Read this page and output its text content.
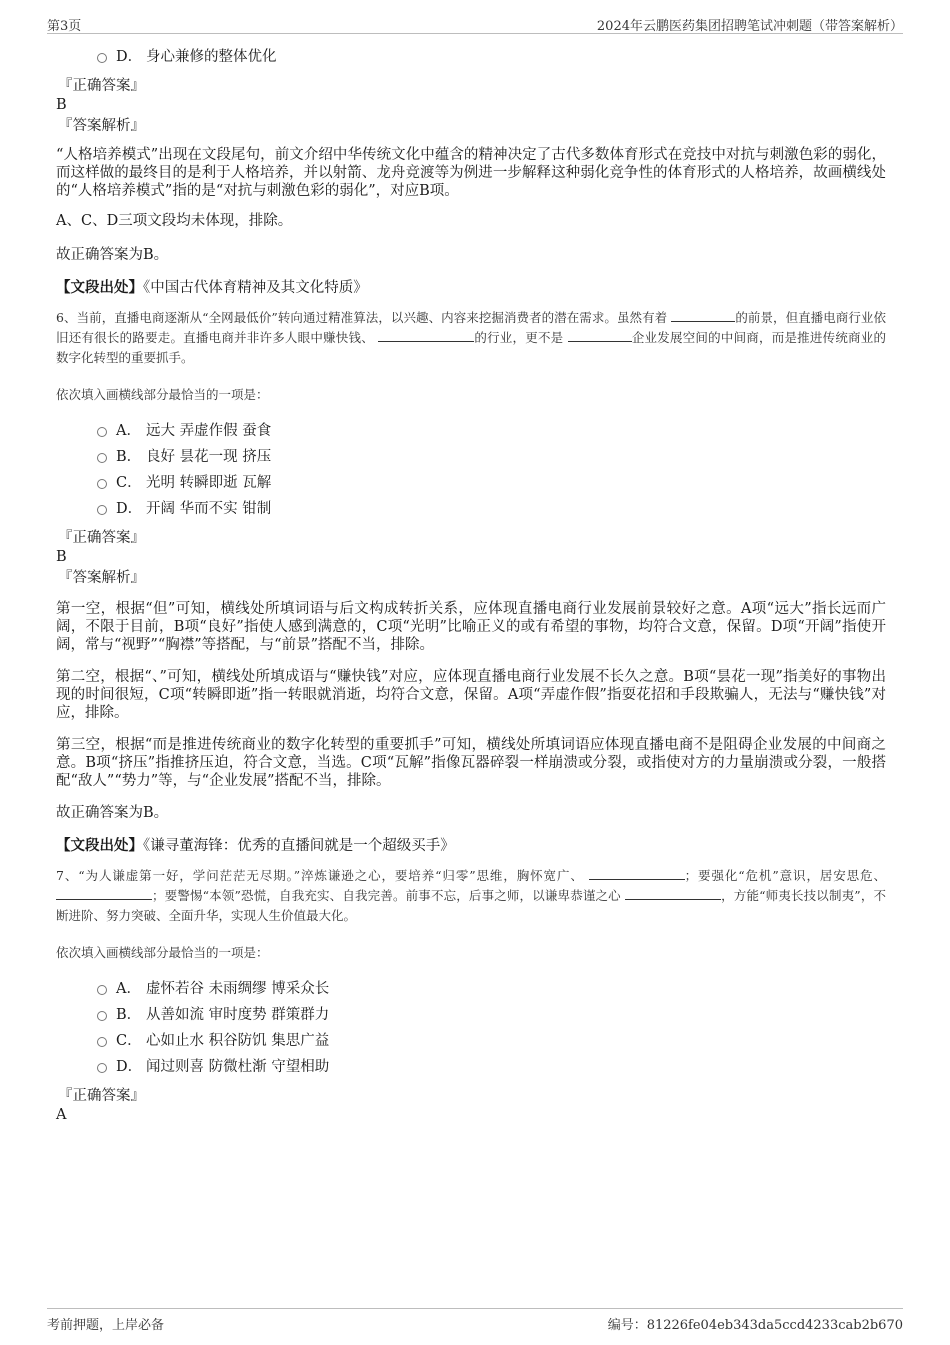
第3页	2024年云鹏医药集团招聘笔试冲刺题（带答案解析）
D． 身心兼修的整体优化
『正确答案』
B
『答案解析』

“人格培养模式”出现在文段尾句，前文介绍中华传统文化中蕴含的精神决定了古代多数体育形式在竞技中对抗与刺激色彩的弱化，而这样做的最终目的是利于人格培养，并以射箭、龙舟竞渡等为例进一步解释这种弱化竞争性的体育形式的人格培养，故画横线处的“人格培养模式”指的是“对抗与刺激色彩的弱化”，对应B项。

A、C、D三项文段均未体现，排除。

故正确答案为B。

【文段出处】《中国古代体育精神及其文化特质》

6、当前，直播电商逐渐从“全网最低价”转向通过精准算法，以兴趣、内容来挖掘消费者的潜在需求。虽然有着	的前景，但直播电商行业依旧还有很长的路要走。直播电商并非许多人眼中赚快钱、	的行业，更不是	企业发展空间的中间商，而是推进传统商业的数字化转型的重要抓手。

依次填入画横线部分最恰当的一项是：

A． 远大 弄虚作假 蚕食
B． 良好 昙花一现 挤压
C． 光明 转瞬即逝 瓦解
D． 开阔 华而不实 钳制
『正确答案』
B
『答案解析』

第一空，根据“但”可知，横线处所填词语与后文构成转折关系，应体现直播电商行业发展前景较好之意。A项“远大”指长远而广阔，不限于目前，B项“良好”指使人感到满意的，C项“光明”比喻正义的或有希望的事物，均符合文意，保留。D项“开阔”指使开阔，常与“视野”“胸襟”等搭配，与“前景”搭配不当，排除。

第二空，根据“、”可知，横线处所填成语与“赚快钱”对应，应体现直播电商行业发展不长久之意。B项“昙花一现”指美好的事物出现的时间很短，C项“转瞬即逝”指一转眼就消逝，均符合文意，保留。A项“弄虚作假”指耍花招和手段欺骗人，无法与“赚快钱”对应，排除。

第三空，根据“而是推进传统商业的数字化转型的重要抓手”可知，横线处所填词语应体现直播电商不是阻碍企业发展的中间商之意。B项“挤压”指推挤压迫，符合文意，当选。C项“瓦解”指像瓦器碎裂一样崩溃或分裂，或指使对方的力量崩溃或分裂，一般搭配“敌人”“势力”等，与“企业发展”搭配不当，排除。

故正确答案为B。

【文段出处】《谦寻董海锋：优秀的直播间就是一个超级买手》

7、“为人谦虚第一好，学问茫茫无尽期。”淬炼谦逊之心，要培养“归零”思维，胸怀宽广、	；要强化“危机”意识，居安思危、 ；要警惕“本领”恐慌，自我充实、自我完善。前事不忘，后事之师，以谦卑恭谨之心	，方能“师夷长技以制夷”，不断进阶、努力突破、全面升华，实现人生价值最大化。

依次填入画横线部分最恰当的一项是：

A． 虚怀若谷 未雨绸缪 博采众长
B． 从善如流 审时度势 群策群力
C． 心如止水 积谷防饥 集思广益
D． 闻过则喜 防微杜渐 守望相助
『正确答案』
A
考前押题，上岸必备	编号：81226fe04eb343da5ccd4233cab2b670
